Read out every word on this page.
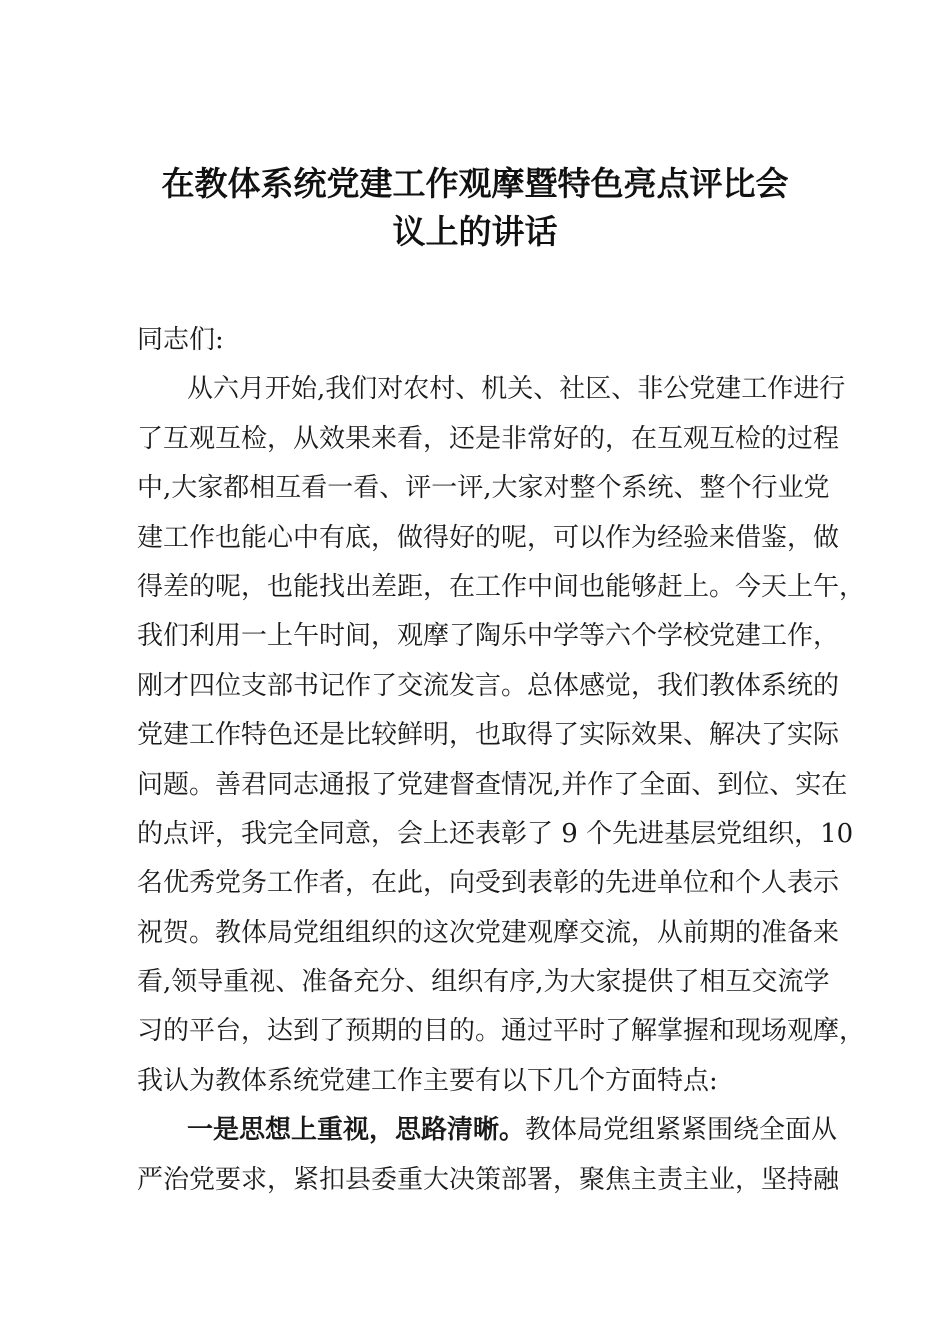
在教体系统党建工作观摩暨特色亮点评比会
议上的讲话
同志们:
从六月开始,我们对农村、机关、社区、非公党建工作进行
了互观互检，从效果来看，还是非常好的，在互观互检的过程
中,大家都相互看一看、评一评,大家对整个系统、整个行业党
建工作也能心中有底，做得好的呢，可以作为经验来借鉴，做
得差的呢，也能找出差距，在工作中间也能够赶上。今天上午，
我们利用一上午时间，观摩了陶乐中学等六个学校党建工作，
刚才四位支部书记作了交流发言。总体感觉，我们教体系统的
党建工作特色还是比较鲜明，也取得了实际效果、解决了实际
问题。善君同志通报了党建督查情况,并作了全面、到位、实在
的点评，我完全同意，会上还表彰了 9 个先进基层党组织，10
名优秀党务工作者，在此，向受到表彰的先进单位和个人表示
祝贺。教体局党组组织的这次党建观摩交流，从前期的准备来
看,领导重视、准备充分、组织有序,为大家提供了相互交流学
习的平台，达到了预期的目的。通过平时了解掌握和现场观摩，
我认为教体系统党建工作主要有以下几个方面特点:
一是思想上重视，思路清晰。教体局党组紧紧围绕全面从
严治党要求，紧扣县委重大决策部署，聚焦主责主业，坚持融
